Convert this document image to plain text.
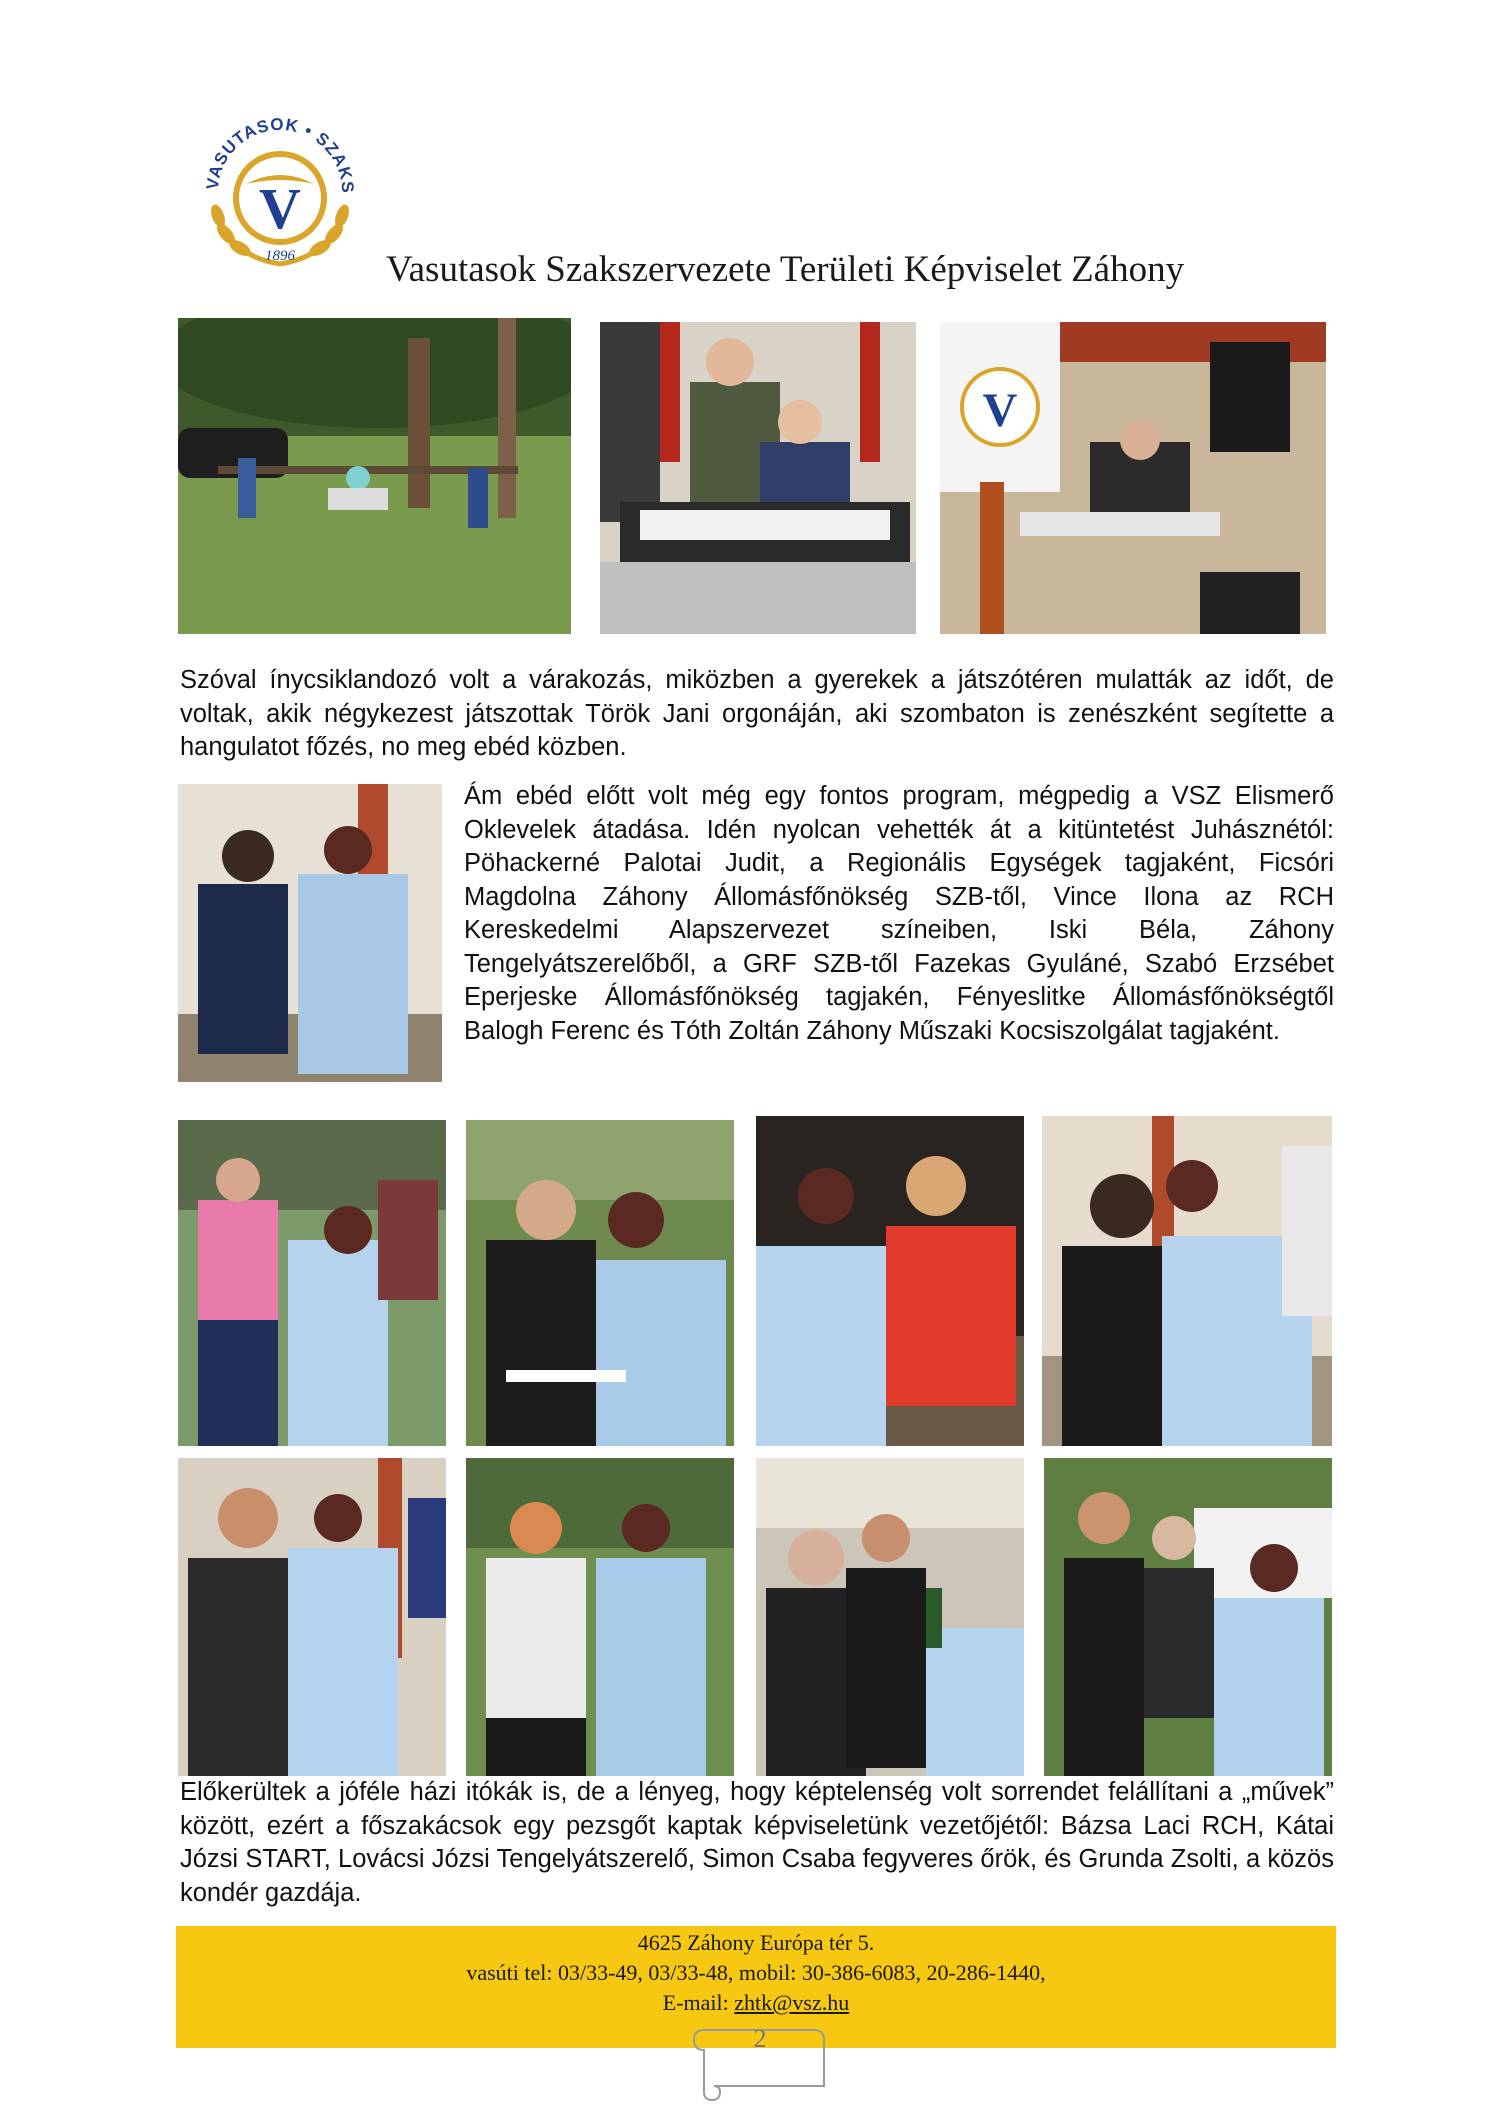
VASUTASOK • SZAKS
V
1896 Vasutasok Szakszervezete Területi Képviselet Záhony
V

Szóval ínycsiklandozó volt a várakozás, miközben a gyerekek a játszótéren mulatták az időt, de voltak, akik négykezest játszottak Török Jani orgonáján, aki szombaton is zenészként segítette a hangulatot főzés, no meg ebéd közben.

Ám ebéd előtt volt még egy fontos program, mégpedig a VSZ Elismerő Oklevelek átadása. Idén nyolcan vehették át a kitüntetést Juhásznétól: Pöhackerné Palotai Judit, a Regionális Egységek tagjaként, Ficsóri Magdolna Záhony Állomásfőnökség SZB-től, Vince Ilona az RCH Kereskedelmi Alapszervezet színeiben, Iski Béla, Záhony Tengelyátszerelőből, a GRF SZB-től Fazekas Gyuláné, Szabó Erzsébet Eperjeske Állomásfőnökség tagjakén, Fényeslitke Állomásfőnökségtől Balogh Ferenc és Tóth Zoltán Záhony Műszaki Kocsiszolgálat tagjaként.

Előkerültek a jóféle házi itókák is, de a lényeg, hogy képtelenség volt sorrendet felállítani a „művek” között, ezért a főszakácsok egy pezsgőt kaptak képviseletünk vezetőjétől: Bázsa Laci RCH, Kátai Józsi START, Lovácsi Józsi Tengelyátszerelő, Simon Csaba fegyveres őrök, és Grunda Zsolti, a közös kondér gazdája.

4625 Záhony Európa tér 5.
vasúti tel: 03/33-49, 03/33-48, mobil: 30-386-6083, 20-286-1440,
E-mail: zhtk@vsz.hu
2
